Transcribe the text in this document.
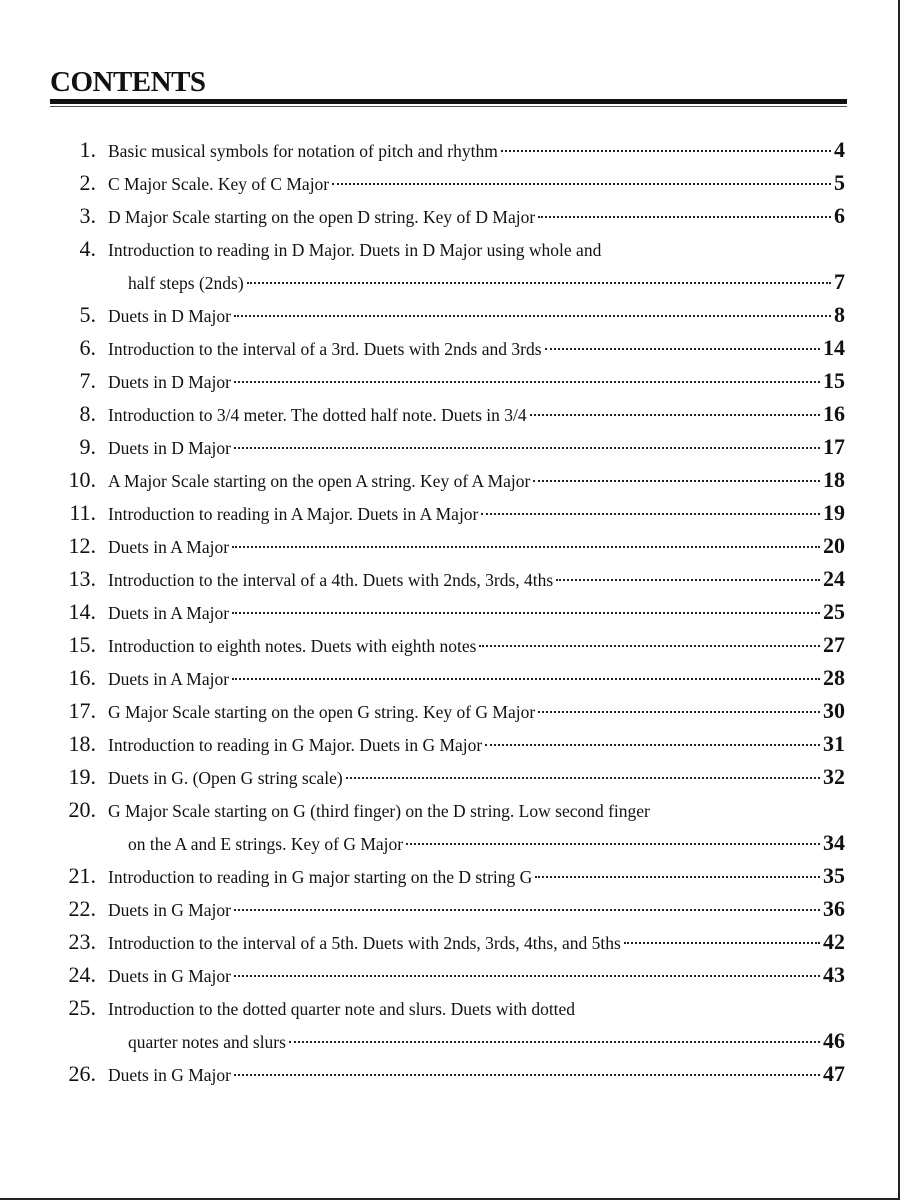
CONTENTS
1. Basic musical symbols for notation of pitch and rhythm	4
2. C Major Scale. Key of C Major	5
3. D Major Scale starting on the open D string. Key of D Major	6
4. Introduction to reading in D Major. Duets in D Major using whole and
half steps (2nds)	7
5. Duets in D Major	8
6. Introduction to the interval of a 3rd. Duets with 2nds and 3rds	14
7. Duets in D Major	15
8. Introduction to 3/4 meter. The dotted half note. Duets in 3/4	16
9. Duets in D Major	17
10. A Major Scale starting on the open A string. Key of A Major	18
11. Introduction to reading in A Major. Duets in A Major	19
12. Duets in A Major	20
13. Introduction to the interval of a 4th. Duets with 2nds, 3rds, 4ths	24
14. Duets in A Major	25
15. Introduction to eighth notes. Duets with eighth notes	27
16. Duets in A Major	28
17. G Major Scale starting on the open G string. Key of G Major	30
18. Introduction to reading in G Major. Duets in G Major	31
19. Duets in G. (Open G string scale)	32
20. G Major Scale starting on G (third finger) on the D string. Low second finger
on the A and E strings. Key of G Major	34
21. Introduction to reading in G major starting on the D string G	35
22. Duets in G Major	36
23. Introduction to the interval of a 5th. Duets with 2nds, 3rds, 4ths, and 5ths	42
24. Duets in G Major	43
25. Introduction to the dotted quarter note and slurs. Duets with dotted
quarter notes and slurs	46
26. Duets in G Major	47
